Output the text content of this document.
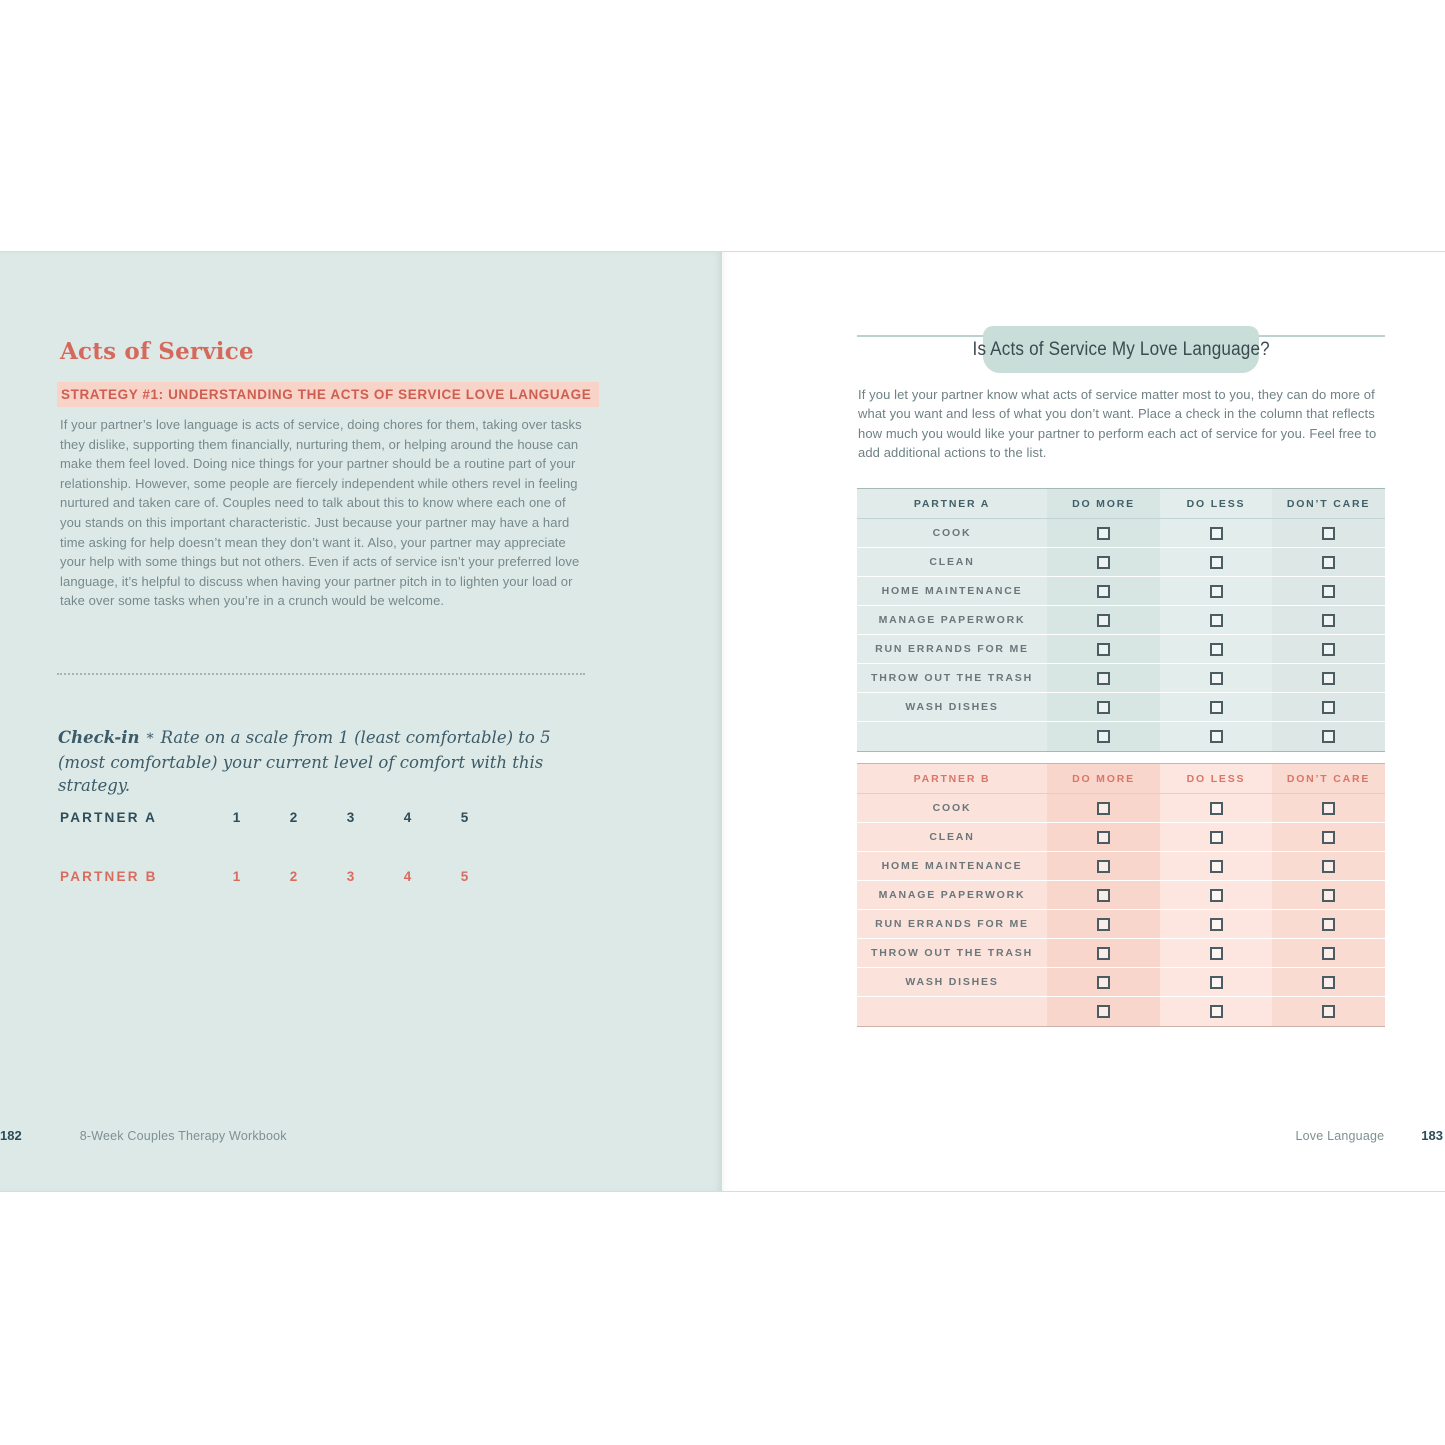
Acts of Service
STRATEGY #1: UNDERSTANDING THE ACTS OF SERVICE LOVE LANGUAGE

If your partner’s love language is acts of service, doing chores for them, taking over tasks they dislike, supporting them financially, nurturing them, or helping around the house can make them feel loved. Doing nice things for your partner should be a routine part of your relationship. However, some people are fiercely independent while others revel in feeling nurtured and taken care of. Couples need to talk about this to know where each one of you stands on this important characteristic. Just because your partner may have a hard time asking for help doesn’t mean they don’t want it. Also, your partner may appreciate your help with some things but not others. Even if acts of service isn’t your preferred love language, it’s helpful to discuss when having your partner pitch in to lighten your load or take over some tasks when you’re in a crunch would be welcome.

Check-in * Rate on a scale from 1 (least comfortable) to 5 (most comfortable) your current level of comfort with this strategy.

PARTNER A	1	2	3	4	5
PARTNER B	1	2	3	4	5
182	8-Week Couples Therapy Workbook
Is Acts of Service My Love Language?

If you let your partner know what acts of service matter most to you, they can do more of what you want and less of what you don’t want. Place a check in the column that reflects how much you would like your partner to perform each act of service for you. Feel free to add additional actions to the list.

PARTNER A	DO MORE	DO LESS	DON’T CARE
COOK
CLEAN
HOME MAINTENANCE
MANAGE PAPERWORK
RUN ERRANDS FOR ME
THROW OUT THE TRASH
WASH DISHES
PARTNER B	DO MORE	DO LESS	DON’T CARE
COOK
CLEAN
HOME MAINTENANCE
MANAGE PAPERWORK
RUN ERRANDS FOR ME
THROW OUT THE TRASH
WASH DISHES
Love Language	183
